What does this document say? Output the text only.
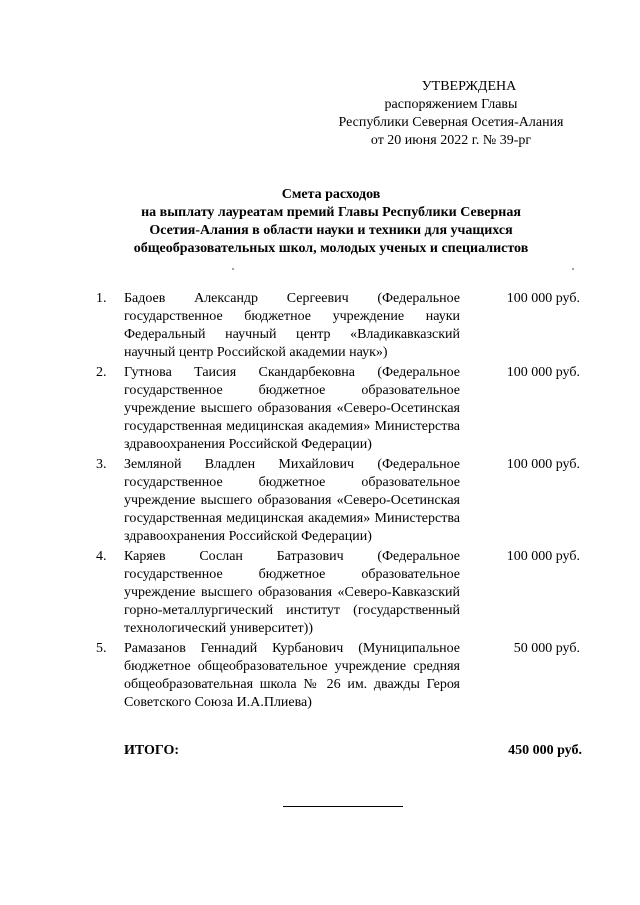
УТВЕРЖДЕНА
распоряжением Главы
Республики Северная Осетия-Алания
от 20 июня 2022 г. № 39-рг
Смета расходов
на выплату лауреатам премий Главы Республики Северная
Осетия-Алания в области науки и техники для учащихся
общеобразовательных школ, молодых ученых и специалистов
1. Бадоев Александр Сергеевич (Федеральное государственное бюджетное учреждение науки Федеральный научный центр «Владикавказский научный центр Российской академии наук»)
100 000 руб.
2. Гутнова Таисия Скандарбековна (Федеральное государственное бюджетное образовательное учреждение высшего образования «Северо-Осетинская государственная медицинская академия» Министерства здравоохранения Российской Федерации)
100 000 руб.
3. Земляной Владлен Михайлович (Федеральное государственное бюджетное образовательное учреждение высшего образования «Северо-Осетинская государственная медицинская академия» Министерства здравоохранения Российской Федерации)
100 000 руб.
4. Каряев Сослан Батразович (Федеральное государственное бюджетное образовательное учреждение высшего образования «Северо-Кавказский горно-металлургический институт (государственный технологический университет))
100 000 руб.
5. Рамазанов Геннадий Курбанович (Муниципальное бюджетное общеобразовательное учреждение средняя общеобразовательная школа № 26 им. дважды Героя Советского Союза И.А.Плиева)
50 000 руб.
ИТОГО:	450 000 руб.
